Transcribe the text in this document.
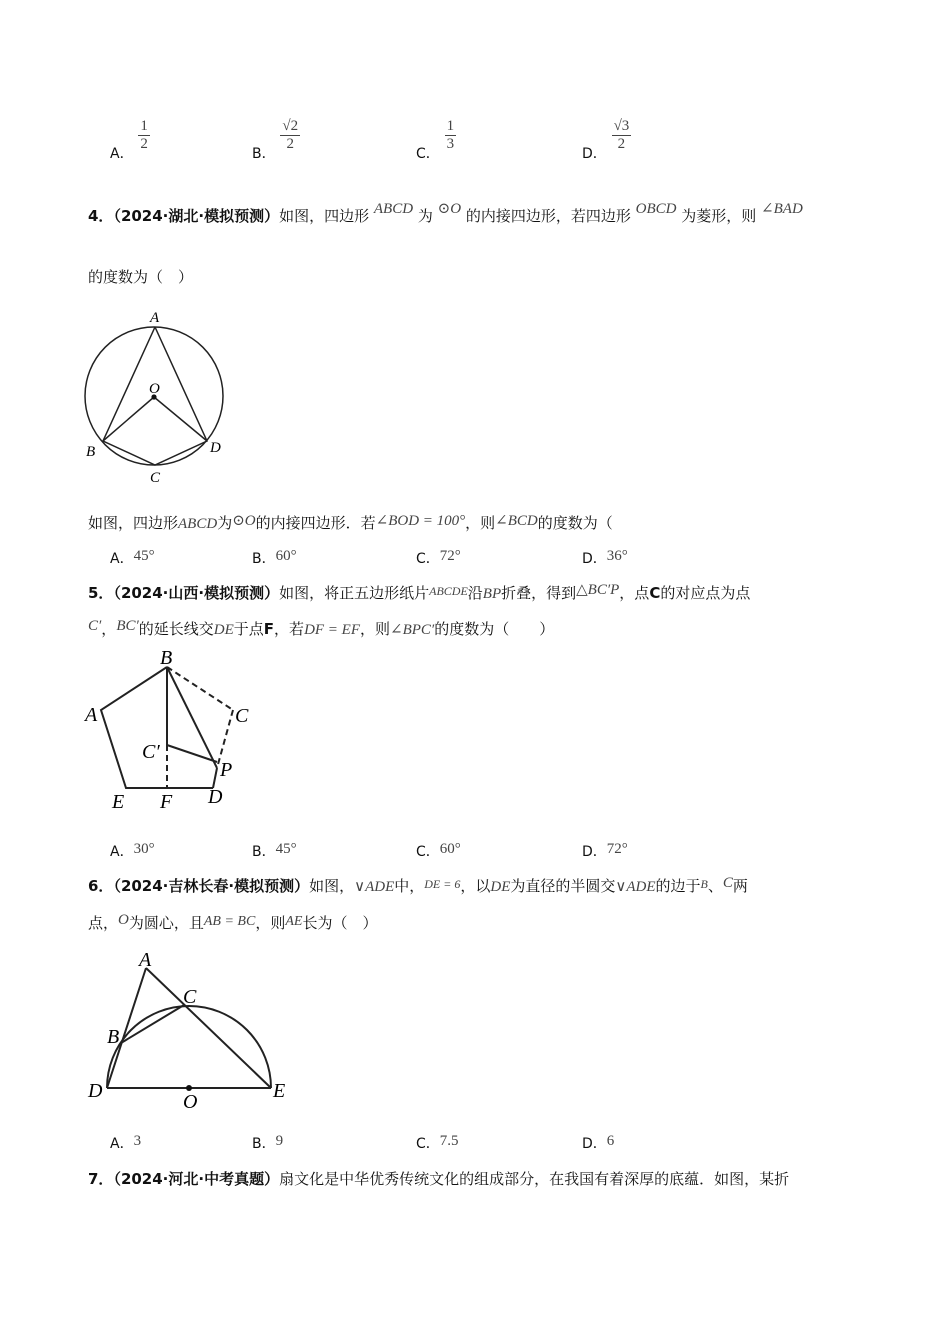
A．
$\frac{1}{2}$
B．
$\frac{√2}{2}$
C．
$\frac{1}{3}$
D．
$\frac{√3}{2}$
4．（2024·湖北·模拟预测）如图，四边形 ABCD 为 ⊙O 的内接四边形，若四边形 OBCD 为菱形，则 ∠BAD
的度数为（　）
A
O
B	D
C
如图，四边形ABCD为⊙O的内接四边形．若∠BOD = 100°，则∠BCD的度数为（
A．45°	B．60°	C．72°	D．36°
5．（2024·山西·模拟预测）如图，将正五边形纸片$^{ABCDE}$沿BP折叠，得到△BC′P，点C的对应点为点
C′，BC′的延长线交DE于点F，若DF = EF，则∠BPC′的度数为（　　）
B
A	C
C′
P
E F D
A．30°	B．45°	C．60°	D．72°
6．（2024·吉林长春·模拟预测）如图，∨ADE中，$^{DE = 6}$，以DE为直径的半圆交∨ADE的边于$^B$、C两
点，O为圆心，且AB = BC，则AE长为（　）
A
C
B
D	O	E
A．3	B．9	C．7.5	D．6
7．（2024·河北·中考真题）扇文化是中华优秀传统文化的组成部分，在我国有着深厚的底蕴．如图，某折
